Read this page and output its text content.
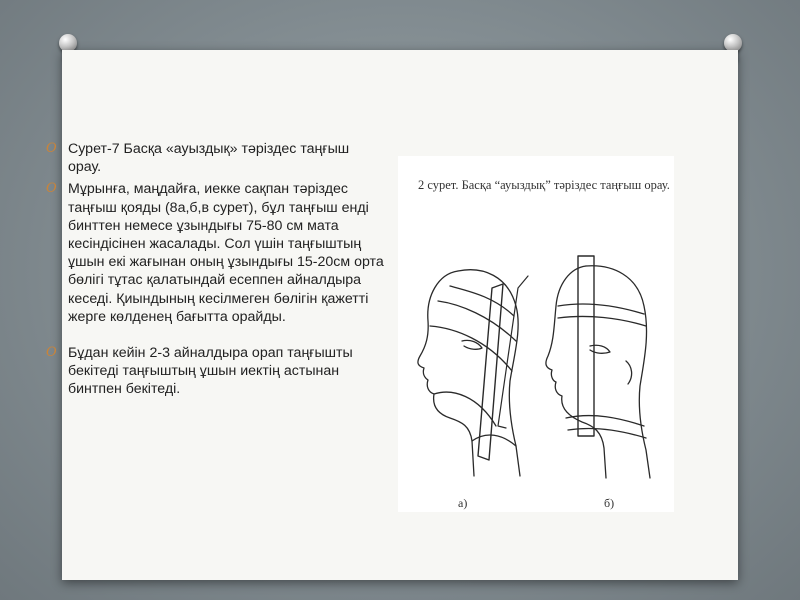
O Сурет-7 Басқа «ауыздық» тәріздес таңғыш орау.
O Мұрынға, маңдайға, иекке сақпан тәріздес таңғыш қояды (8а,б,в сурет), бұл таңғыш енді бинттен немесе ұзындығы 75-80 см мата кесіндісінен жасалады. Сол үшін таңғыштың ұшын екі жағынан оның ұзындығы 15-20см орта бөлігі тұтас қалатындай есеппен айналдыра кеседі. Қиындының кесілмеген бөлігін қажетті жерге көлденең бағытта орайды.
O Бұдан кейін 2-3 айналдыра орап таңғышты бекітеді таңғыштың ұшын иектің астынан бинтпен бекітеді.
2 сурет. Басқа “ауыздық” тәріздес таңғыш орау.
а)	б)
